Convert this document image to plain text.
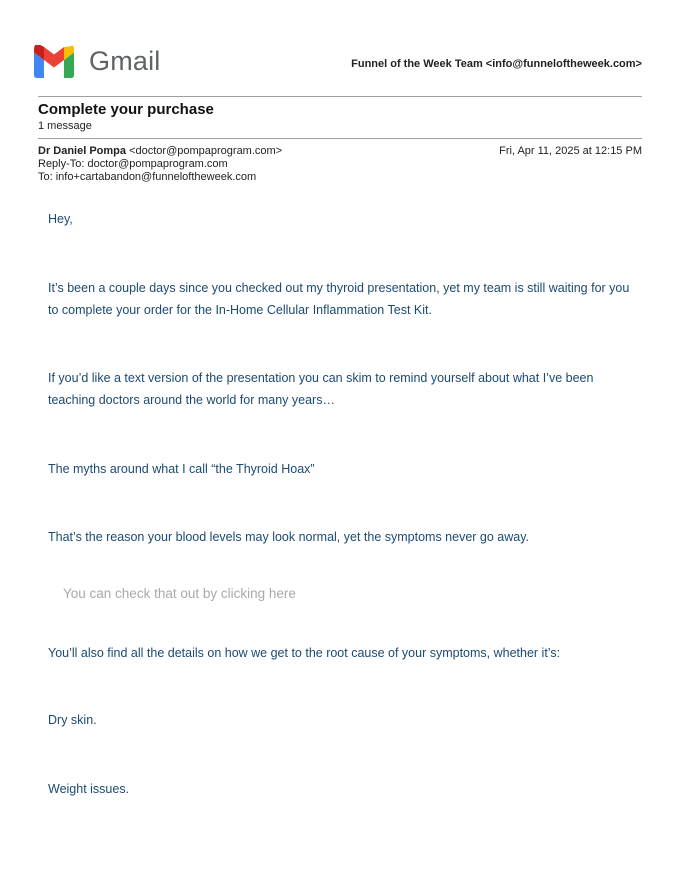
Gmail	Funnel of the Week Team <info@funneloftheweek.com>
Complete your purchase
1 message
Dr Daniel Pompa <doctor@pompaprogram.com>	Fri, Apr 11, 2025 at 12:15 PM
Reply-To: doctor@pompaprogram.com
To: info+cartabandon@funneloftheweek.com
Hey,
It’s been a couple days since you checked out my thyroid presentation, yet my team is still waiting for you to complete your order for the In-Home Cellular Inflammation Test Kit.
If you’d like a text version of the presentation you can skim to remind yourself about what I’ve been teaching doctors around the world for many years…
The myths around what I call “the Thyroid Hoax”
That’s the reason your blood levels may look normal, yet the symptoms never go away.
You can check that out by clicking here
You’ll also find all the details on how we get to the root cause of your symptoms, whether it’s:
Dry skin.
Weight issues.
